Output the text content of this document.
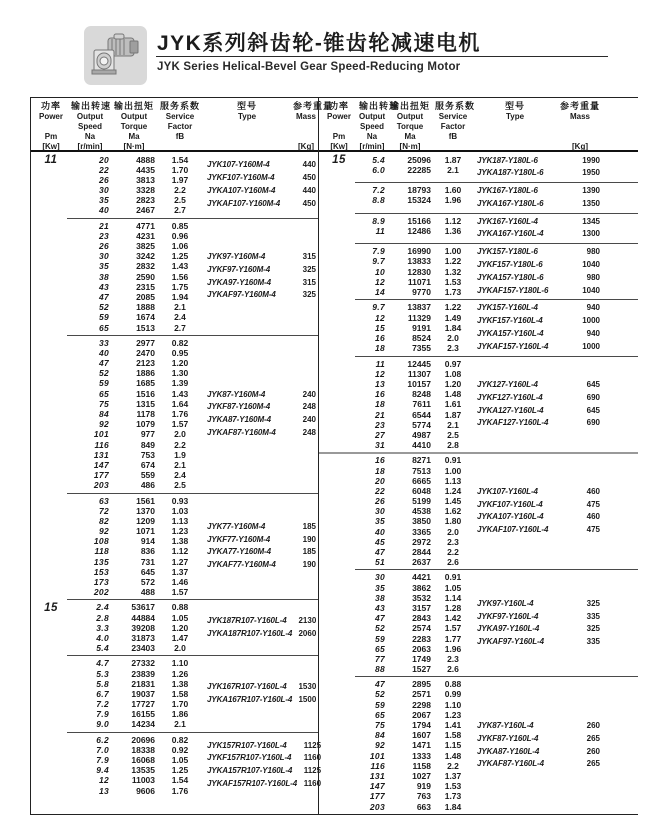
JYK系列斜齿轮-锥齿轮减速电机
JYK Series Helical-Bevel Gear Speed-Reducing Motor
功率
Power
Pm
[Kw]
输出转速
Output
Speed
Na
[r/min]
输出扭矩
Output
Torque
Ma
[N·m]
服务系数
Service
Factor
fB
型号
Type
参考重量
Mass
[Kg]
11	20	4888	1.54
22	4435	1.70
26	3813	1.97
30	3328	2.2
35	2823	2.5
40	2467	2.7
JYK107-Y160M-4	440
JYKF107-Y160M-4	450
JYKA107-Y160M-4	440
JYKAF107-Y160M-4	450
21	4771	0.85
23	4231	0.96
26	3825	1.06
30	3242	1.25
35	2832	1.43
38	2590	1.56
43	2315	1.75
47	2085	1.94
52	1888	2.1
59	1674	2.4
65	1513	2.7
JYK97-Y160M-4	315
JYKF97-Y160M-4	325
JYKA97-Y160M-4	315
JYKAF97-Y160M-4	325
33	2977	0.82
40	2470	0.95
47	2123	1.20
52	1886	1.30
59	1685	1.39
65	1516	1.43
75	1315	1.64
84	1178	1.76
92	1079	1.57
101	977	2.0
116	849	2.2
131	753	1.9
147	674	2.1
177	559	2.4
203	486	2.5
JYK87-Y160M-4	240
JYKF87-Y160M-4	248
JYKA87-Y160M-4	240
JYKAF87-Y160M-4	248
63	1561	0.93
72	1370	1.03
82	1209	1.13
92	1071	1.23
108	914	1.38
118	836	1.12
135	731	1.27
153	645	1.37
173	572	1.46
202	488	1.57
JYK77-Y160M-4	185
JYKF77-Y160M-4	190
JYKA77-Y160M-4	185
JYKAF77-Y160M-4	190
15	2.4	53617	0.88
2.8	44884	1.05
3.3	39208	1.20
4.0	31873	1.47
5.4	23403	2.0
JYK187R107-Y160L-4	2130
JYKA187R107-Y160L-4 2060
4.7	27332	1.10
5.3	23839	1.26
5.8	21831	1.38
6.7	19037	1.58
7.2	17727	1.70
7.9	16155	1.86
9.0	14234	2.1
JYK167R107-Y160L-4	1530
JYKA167R107-Y160L-4 1500
6.2	20696	0.82
7.0	18338	0.92
7.9	16068	1.05
9.4	13535	1.25
12	11003	1.54
13	9606	1.76
JYK157R107-Y160L-4	1125
JYKF157R107-Y160L-4	1160
JYKA157R107-Y160L-4	1125
JYKAF157R107-Y160L-4 1160
功率
Power
Pm
[Kw]
输出转速
Output
Speed
Na
[r/min]
输出扭矩
Output
Torque
Ma
[N·m]
服务系数
Service
Factor
fB
型号
Type
参考重量
Mass
[Kg]
15	5.4	25096	1.87
6.0	22285	2.1
JYK187-Y180L-6	1990
JYKA187-Y180L-6	1950
7.2	18793	1.60
8.8	15324	1.96
JYK167-Y180L-6	1390
JYKA167-Y180L-6	1350
8.9	15166	1.12
11	12486	1.36
JYK167-Y160L-4	1345
JYKA167-Y160L-4	1300
7.9	16990	1.00
9.7	13833	1.22
10	12830	1.32
12	11071	1.53
14	9770	1.73
JYK157-Y180L-6	980
JYKF157-Y180L-6	1040
JYKA157-Y180L-6	980
JYKAF157-Y180L-6	1040
9.7	13837	1.22
12	11329	1.49
15	9191	1.84
16	8524	2.0
18	7355	2.3
JYK157-Y160L-4	940
JYKF157-Y160L-4	1000
JYKA157-Y160L-4	940
JYKAF157-Y160L-4	1000
11	12445	0.97
12	11307	1.08
13	10157	1.20
16	8248	1.48
18	7611	1.61
21	6544	1.87
23	5774	2.1
27	4987	2.5
31	4410	2.8
JYK127-Y160L-4	645
JYKF127-Y160L-4	690
JYKA127-Y160L-4	645
JYKAF127-Y160L-4	690
16	8271	0.91
18	7513	1.00
20	6665	1.13
22	6048	1.24
26	5199	1.45
30	4538	1.62
35	3850	1.80
40	3365	2.0
45	2972	2.3
47	2844	2.2
51	2637	2.6
JYK107-Y160L-4	460
JYKF107-Y160L-4	475
JYKA107-Y160L-4	460
JYKAF107-Y160L-4	475
30	4421	0.91
35	3862	1.05
38	3532	1.14
43	3157	1.28
47	2843	1.42
52	2574	1.57
59	2283	1.77
65	2063	1.96
77	1749	2.3
88	1527	2.6
JYK97-Y160L-4	325
JYKF97-Y160L-4	335
JYKA97-Y160L-4	325
JYKAF97-Y160L-4	335
47	2895	0.88
52	2571	0.99
59	2298	1.10
65	2067	1.23
75	1794	1.41
84	1607	1.58
92	1471	1.15
101	1333	1.48
116	1158	2.2
131	1027	1.37
147	919	1.53
177	763	1.73
203	663	1.84
JYK87-Y160L-4	260
JYKF87-Y160L-4	265
JYKA87-Y160L-4	260
JYKAF87-Y160L-4	265
